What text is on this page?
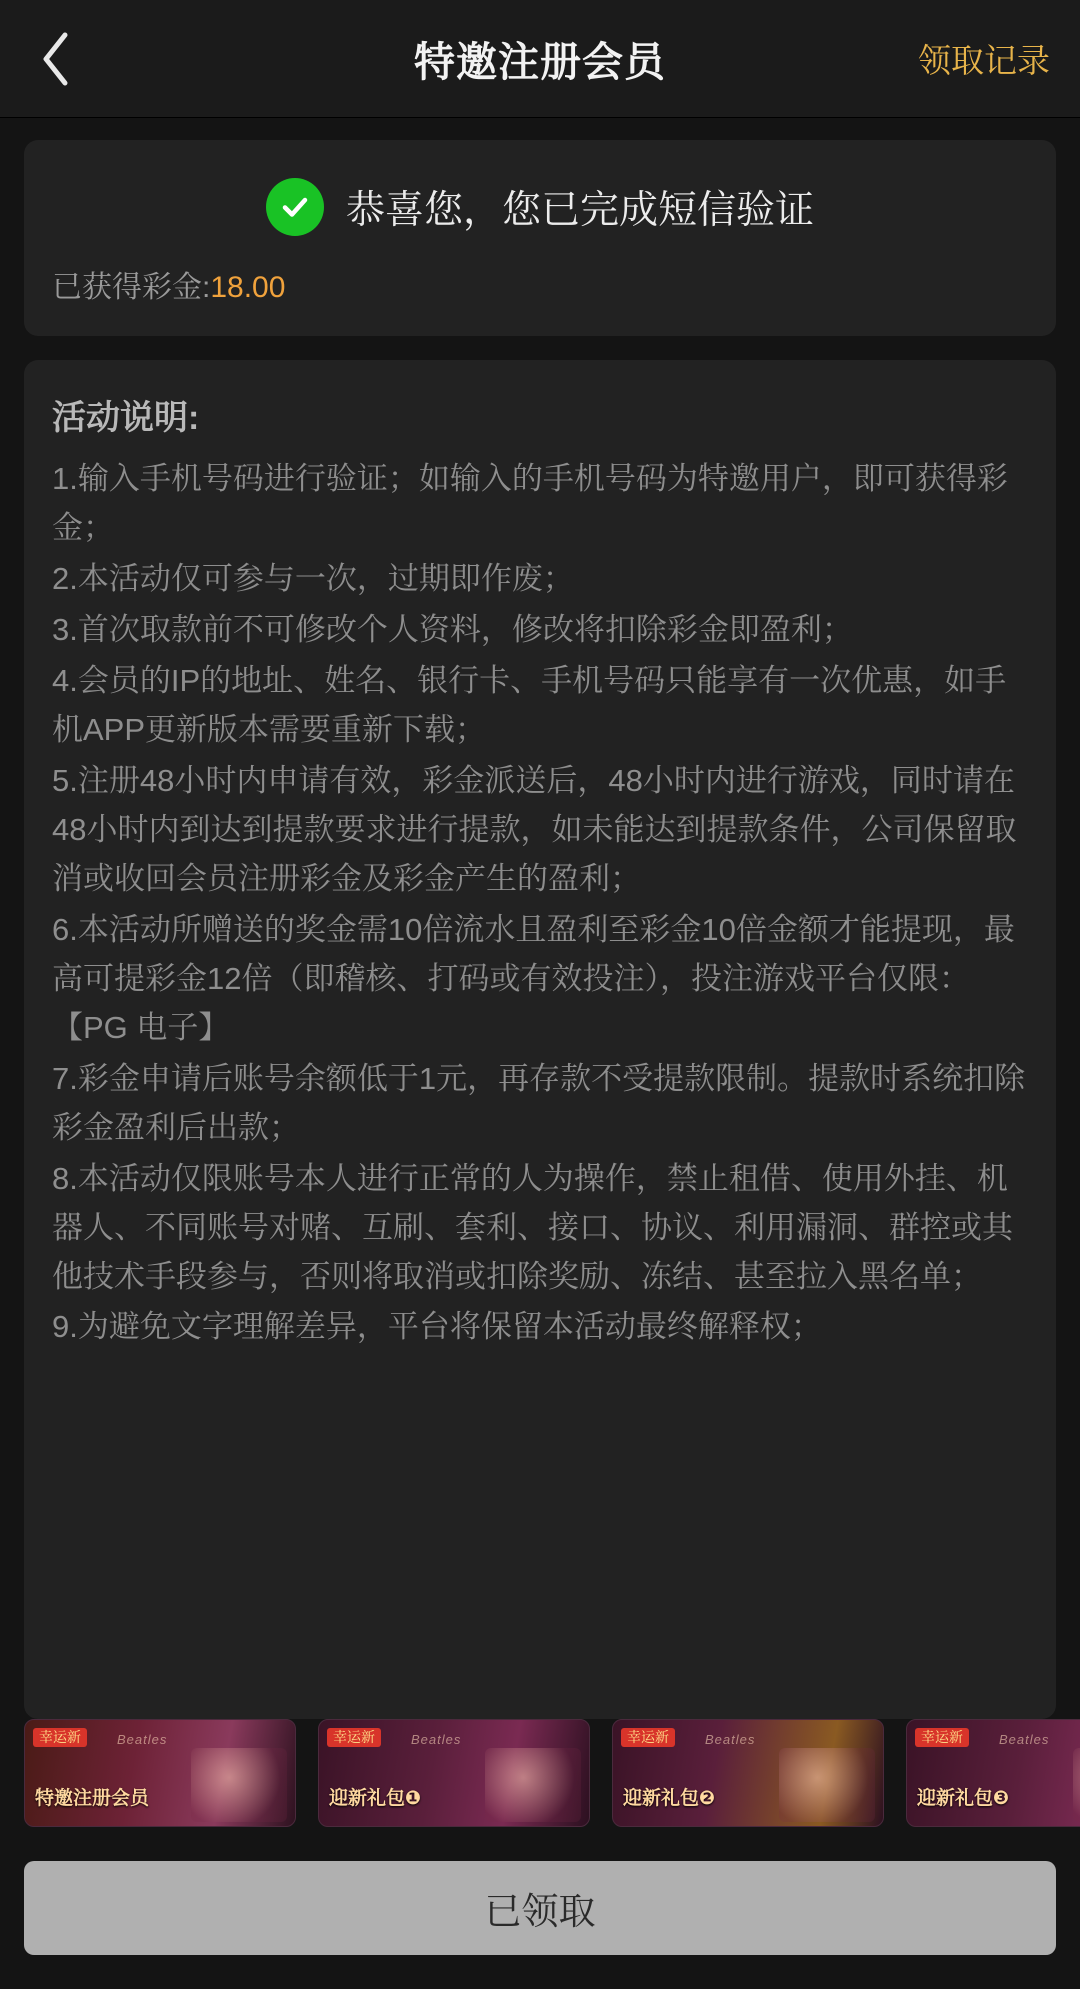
特邀注册会员	领取记录
恭喜您，您已完成短信验证
已获得彩金:18.00
活动说明:

1.输入手机号码进行验证；如输入的手机号码为特邀用户，即可获得彩金；

2.本活动仅可参与一次，过期即作废；

3.首次取款前不可修改个人资料，修改将扣除彩金即盈利；

4.会员的IP的地址、姓名、银行卡、手机号码只能享有一次优惠，如手机APP更新版本需要重新下载；

5.注册48小时内申请有效，彩金派送后，48小时内进行游戏，同时请在48小时内到达到提款要求进行提款，如未能达到提款条件，公司保留取消或收回会员注册彩金及彩金产生的盈利；

6.本活动所赠送的奖金需10倍流水且盈利至彩金10倍金额才能提现，最高可提彩金12倍（即稽核、打码或有效投注），投注游戏平台仅限：【PG 电子】

7.彩金申请后账号余额低于1元，再存款不受提款限制。提款时系统扣除彩金盈利后出款；

8.本活动仅限账号本人进行正常的人为操作，禁止租借、使用外挂、机器人、不同账号对赌、互刷、套利、接口、协议、利用漏洞、群控或其他技术手段参与，否则将取消或扣除奖励、冻结、甚至拉入黑名单；

9.为避免文字理解差异，平台将保留本活动最终解释权；

幸运新	Beatles
特邀注册会员
幸运新	Beatles
迎新礼包❶
幸运新	Beatles
迎新礼包❷
幸运新	Beatles
迎新礼包❸
已领取
